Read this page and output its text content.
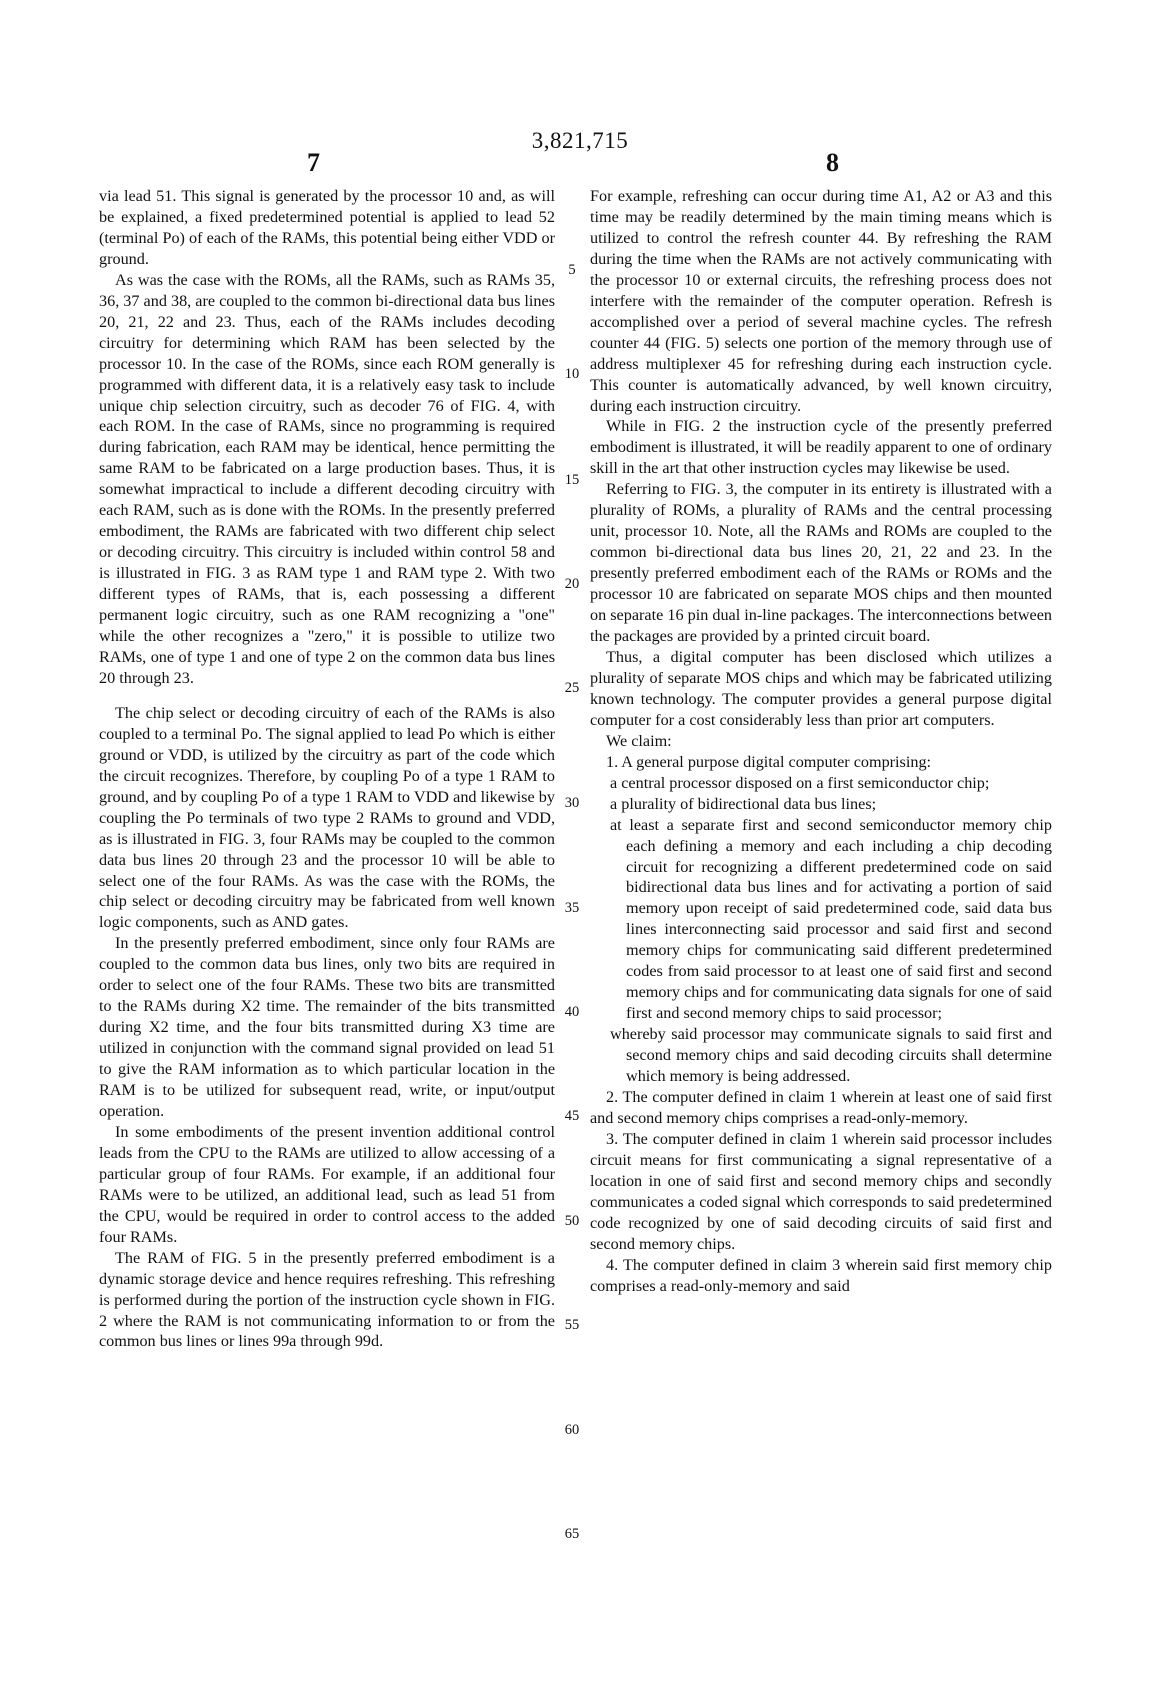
3,821,715
7	8

via lead 51. This signal is generated by the processor 10 and, as will be explained, a fixed predetermined potential is applied to lead 52 (terminal Po) of each of the RAMs, this potential being either VDD or ground.

As was the case with the ROMs, all the RAMs, such as RAMs 35, 36, 37 and 38, are coupled to the common bi-directional data bus lines 20, 21, 22 and 23. Thus, each of the RAMs includes decoding circuitry for determining which RAM has been selected by the processor 10. In the case of the ROMs, since each ROM generally is programmed with different data, it is a relatively easy task to include unique chip selection circuitry, such as decoder 76 of FIG. 4, with each ROM. In the case of RAMs, since no programming is required during fabrication, each RAM may be identical, hence permitting the same RAM to be fabricated on a large production bases. Thus, it is somewhat impractical to include a different decoding circuitry with each RAM, such as is done with the ROMs. In the presently preferred embodiment, the RAMs are fabricated with two different chip select or decoding circuitry. This circuitry is included within control 58 and is illustrated in FIG. 3 as RAM type 1 and RAM type 2. With two different types of RAMs, that is, each possessing a different permanent logic circuitry, such as one RAM recognizing a "one" while the other recognizes a "zero," it is possible to utilize two RAMs, one of type 1 and one of type 2 on the common data bus lines 20 through 23.

The chip select or decoding circuitry of each of the RAMs is also coupled to a terminal Po. The signal applied to lead Po which is either ground or VDD, is utilized by the circuitry as part of the code which the circuit recognizes. Therefore, by coupling Po of a type 1 RAM to ground, and by coupling Po of a type 1 RAM to VDD and likewise by coupling the Po terminals of two type 2 RAMs to ground and VDD, as is illustrated in FIG. 3, four RAMs may be coupled to the common data bus lines 20 through 23 and the processor 10 will be able to select one of the four RAMs. As was the case with the ROMs, the chip select or decoding circuitry may be fabricated from well known logic components, such as AND gates.

In the presently preferred embodiment, since only four RAMs are coupled to the common data bus lines, only two bits are required in order to select one of the four RAMs. These two bits are transmitted to the RAMs during X2 time. The remainder of the bits transmitted during X2 time, and the four bits transmitted during X3 time are utilized in conjunction with the command signal provided on lead 51 to give the RAM information as to which particular location in the RAM is to be utilized for subsequent read, write, or input/output operation.

In some embodiments of the present invention additional control leads from the CPU to the RAMs are utilized to allow accessing of a particular group of four RAMs. For example, if an additional four RAMs were to be utilized, an additional lead, such as lead 51 from the CPU, would be required in order to control access to the added four RAMs.

The RAM of FIG. 5 in the presently preferred embodiment is a dynamic storage device and hence requires refreshing. This refreshing is performed during the portion of the instruction cycle shown in FIG. 2 where the RAM is not communicating information to or from the common bus lines or lines 99a through 99d.

For example, refreshing can occur during time A1, A2 or A3 and this time may be readily determined by the main timing means which is utilized to control the refresh counter 44. By refreshing the RAM during the time when the RAMs are not actively communicating with the processor 10 or external circuits, the refreshing process does not interfere with the remainder of the computer operation. Refresh is accomplished over a period of several machine cycles. The refresh counter 44 (FIG. 5) selects one portion of the memory through use of address multiplexer 45 for refreshing during each instruction cycle. This counter is automatically advanced, by well known circuitry, during each instruction circuitry.

While in FIG. 2 the instruction cycle of the presently preferred embodiment is illustrated, it will be readily apparent to one of ordinary skill in the art that other instruction cycles may likewise be used.

Referring to FIG. 3, the computer in its entirety is illustrated with a plurality of ROMs, a plurality of RAMs and the central processing unit, processor 10. Note, all the RAMs and ROMs are coupled to the common bi-directional data bus lines 20, 21, 22 and 23. In the presently preferred embodiment each of the RAMs or ROMs and the processor 10 are fabricated on separate MOS chips and then mounted on separate 16 pin dual in-line packages. The interconnections between the packages are provided by a printed circuit board.

Thus, a digital computer has been disclosed which utilizes a plurality of separate MOS chips and which may be fabricated utilizing known technology. The computer provides a general purpose digital computer for a cost considerably less than prior art computers.

We claim:

1. A general purpose digital computer comprising:

a central processor disposed on a first semiconductor chip;

a plurality of bidirectional data bus lines;

at least a separate first and second semiconductor memory chip each defining a memory and each including a chip decoding circuit for recognizing a different predetermined code on said bidirectional data bus lines and for activating a portion of said memory upon receipt of said predetermined code, said data bus lines interconnecting said processor and said first and second memory chips for communicating said different predetermined codes from said processor to at least one of said first and second memory chips and for communicating data signals for one of said first and second memory chips to said processor;

whereby said processor may communicate signals to said first and second memory chips and said decoding circuits shall determine which memory is being addressed.

2. The computer defined in claim 1 wherein at least one of said first and second memory chips comprises a read-only-memory.

3. The computer defined in claim 1 wherein said processor includes circuit means for first communicating a signal representative of a location in one of said first and second memory chips and secondly communicates a coded signal which corresponds to said predetermined code recognized by one of said decoding circuits of said first and second memory chips.

4. The computer defined in claim 3 wherein said first memory chip comprises a read-only-memory and said

5
10
15
20
25
30
35
40
45
50
55
60
65
